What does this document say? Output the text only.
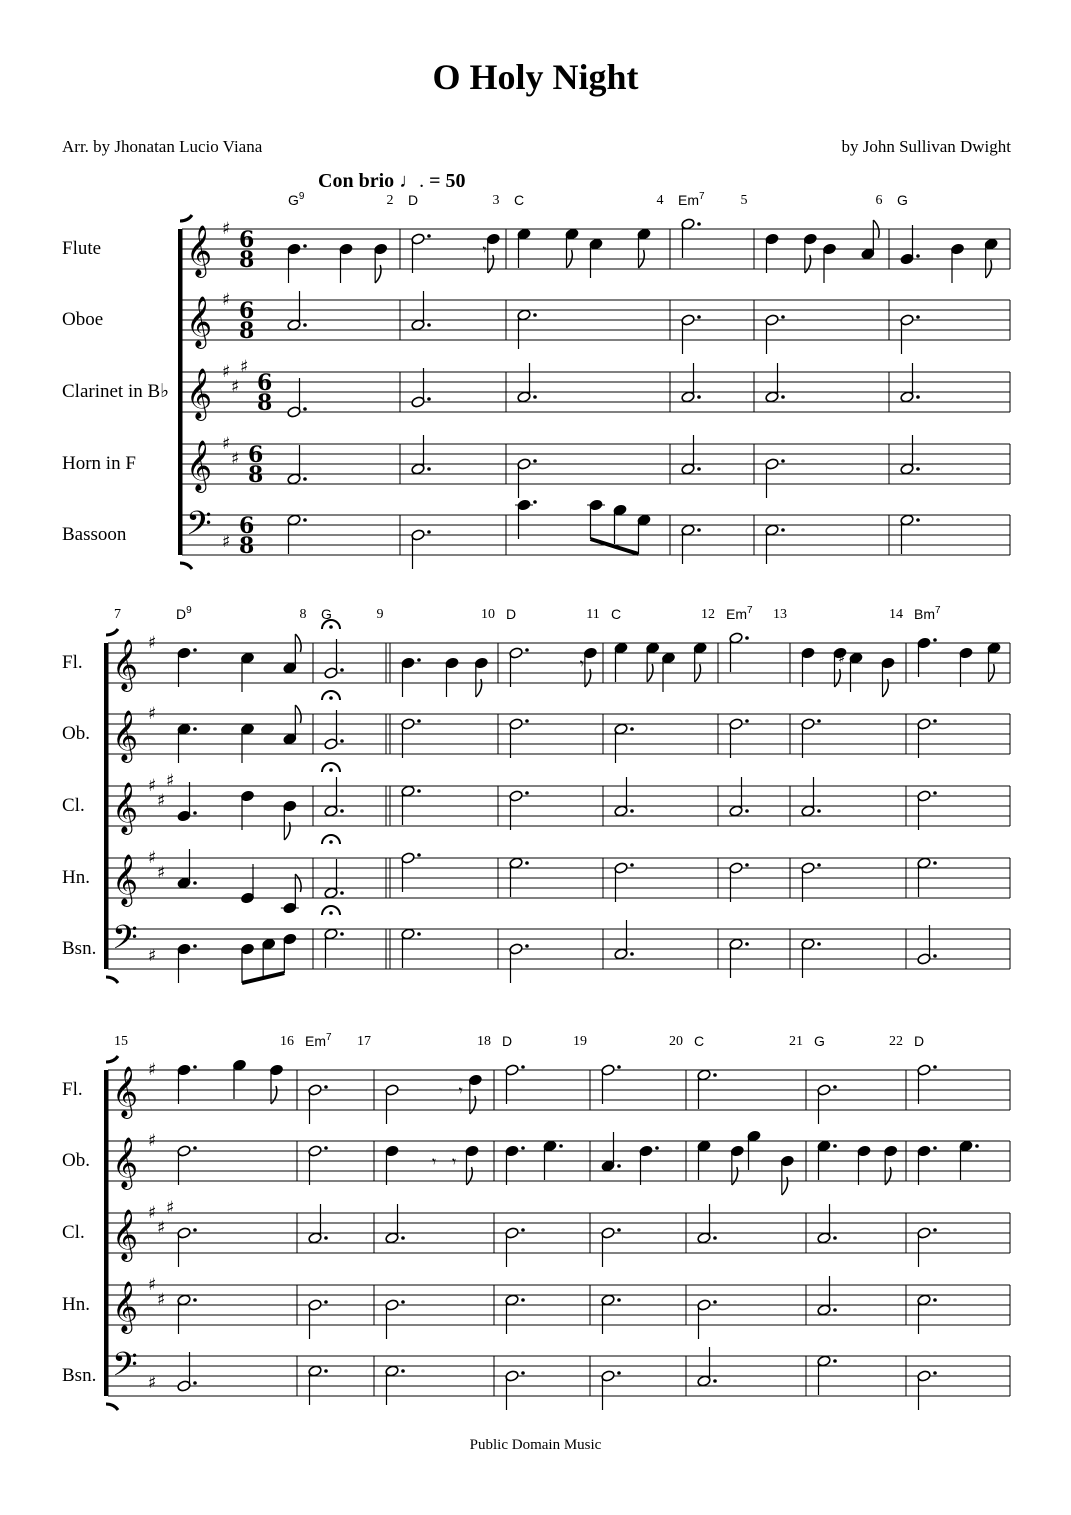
O Holy Night
Arr. by Jhonatan Lucio Viana	by John Sullivan Dwight
Con brio ♩. = 50
Flute 𝄞 ♯ 6
8
Oboe 𝄞 ♯ 6
8
Clarinet in B♭ 𝄞 ♯
♯
♯
6
8
Horn in F 𝄞 ♯
♯ 6
8
Bassoon 𝄢 ♯
6
8
$G^9$	2 D
𝄾
3 C	4 Em$^7$	5	6 G
Fl. 𝄞 ♯
Ob. 𝄞 ♯
Cl. 𝄞 ♯
♯
♯
Hn. 𝄞 ♯
♯
Bsn. 𝄢 ♯
7	$D^9$	8 G	9	10 D
𝄾
11 C	12 Em$^7$ 13
♯
14 Bm$^7$
Fl. 𝄞 ♯
Ob. 𝄞 ♯
Cl. 𝄞 ♯
♯
♯
Hn. 𝄞 ♯
♯
Bsn. 𝄢 ♯
15	16 Em$^7$ 17
𝄾
𝄾 𝄾
18 D	19	20 C	21 G	22 D
Public Domain Music
